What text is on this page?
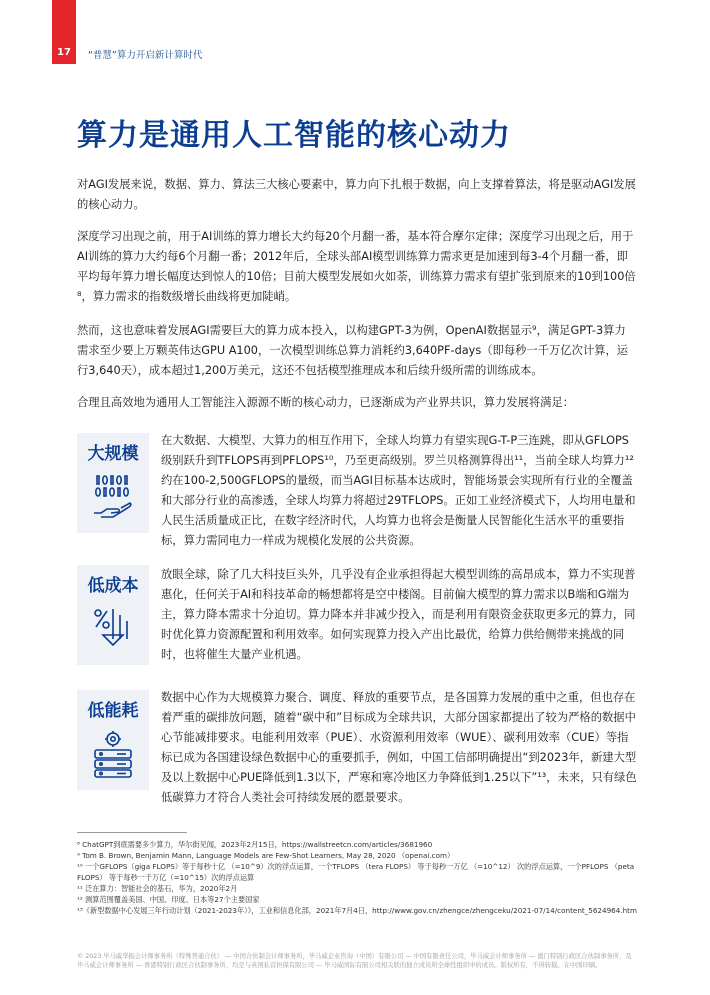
17	“普慧”算力开启新计算时代
算力是通用人工智能的核心动力

对AGI发展来说，数据、算力、算法三大核心要素中，算力向下扎根于数据，向上支撑着算法，将是驱动AGI发展的核心动力。

深度学习出现之前，用于AI训练的算力增长大约每20个月翻一番，基本符合摩尔定律；深度学习出现之后，用于AI训练的算力大约每6个月翻一番；2012年后，全球头部AI模型训练算力需求更是加速到每3-4个月翻一番，即平均每年算力增长幅度达到惊人的10倍；目前大模型发展如火如荼，训练算力需求有望扩张到原来的10到100倍⁸，算力需求的指数级增长曲线将更加陡峭。

然而，这也意味着发展AGI需要巨大的算力成本投入，以构建GPT-3为例，OpenAI数据显示⁹，满足GPT-3算力需求至少要上万颗英伟达GPU A100，一次模型训练总算力消耗约3,640PF-days（即每秒一千万亿次计算，运行3,640天），成本超过1,200万美元，这还不包括模型推理成本和后续升级所需的训练成本。

合理且高效地为通用人工智能注入源源不断的核心动力，已逐渐成为产业界共识，算力发展将满足：

大规模

在大数据、大模型、大算力的相互作用下，全球人均算力有望实现G-T-P三连跳，即从GFLOPS级别跃升到TFLOPS再到PFLOPS¹⁰，乃至更高级别。罗兰贝格测算得出¹¹，当前全球人均算力¹²约在100-2,500GFLOPS的量级，而当AGI目标基本达成时，智能场景会实现所有行业的全覆盖和大部分行业的高渗透，全球人均算力将超过29TFLOPS。正如工业经济模式下，人均用电量和人民生活质量成正比，在数字经济时代，人均算力也将会是衡量人民智能化生活水平的重要指标，算力需同电力一样成为规模化发展的公共资源。

低成本

放眼全球，除了几大科技巨头外，几乎没有企业承担得起大模型训练的高昂成本，算力不实现普惠化，任何关于AI和科技革命的畅想都将是空中楼阁。目前偏大模型的算力需求以B端和G端为主，算力降本需求十分迫切。算力降本并非减少投入，而是利用有限资金获取更多元的算力，同时优化算力资源配置和利用效率。如何实现算力投入产出比最优，给算力供给侧带来挑战的同时，也将催生大量产业机遇。

低能耗

数据中心作为大规模算力聚合、调度、释放的重要节点，是各国算力发展的重中之重，但也存在着严重的碳排放问题，随着“碳中和”目标成为全球共识，大部分国家都提出了较为严格的数据中心节能减排要求。电能利用效率（PUE）、水资源利用效率（WUE）、碳利用效率（CUE）等指标已成为各国建设绿色数据中心的重要抓手，例如，中国工信部明确提出“到2023年，新建大型及以上数据中心PUE降低到1.3以下，严寒和寒冷地区力争降低到1.25以下”¹³，未来，只有绿色低碳算力才符合人类社会可持续发展的愿景要求。

⁸ ChatGPT到底需要多少算力，华尔街见闻，2023年2月15日，https://wallstreetcn.com/articles/3681960
⁹ Tom B. Brown, Benjamin Mann, Language Models are Few-Shot Learners, May 28, 2020 （openai.com）
¹⁰ 一个GFLOPS（giga FLOPS）等于每秒十亿 （=10^9）次的浮点运算，一个TFLOPS （tera FLOPS） 等于每秒一万亿 （=10^12） 次的浮点运算，一个PFLOPS （peta FLOPS） 等于每秒一千万亿（=10^15）次的浮点运算
¹¹ 泛在算力：智能社会的基石，华为，2020年2月
¹² 测算范围覆盖美国、中国、印度、日本等27个主要国家
¹³《新型数据中心发展三年行动计划（2021-2023年）》，工业和信息化部，2021年7月4日，http://www.gov.cn/zhengce/zhengceku/2021-07/14/content_5624964.htm

© 2023 毕马威华振会计师事务所（特殊普通合伙） — 中国合伙制会计师事务所，毕马威企业咨询（中国）有限公司 — 中国有限责任公司，毕马威会计师事务所 — 澳门特别行政区合伙制事务所，及毕马威会计师事务所 — 香港特别行政区合伙制事务所，均是与英国私营担保有限公司 — 毕马威国际有限公司相关联的独立成员所全球性组织中的成员。版权所有，不得转载。在中国印刷。
